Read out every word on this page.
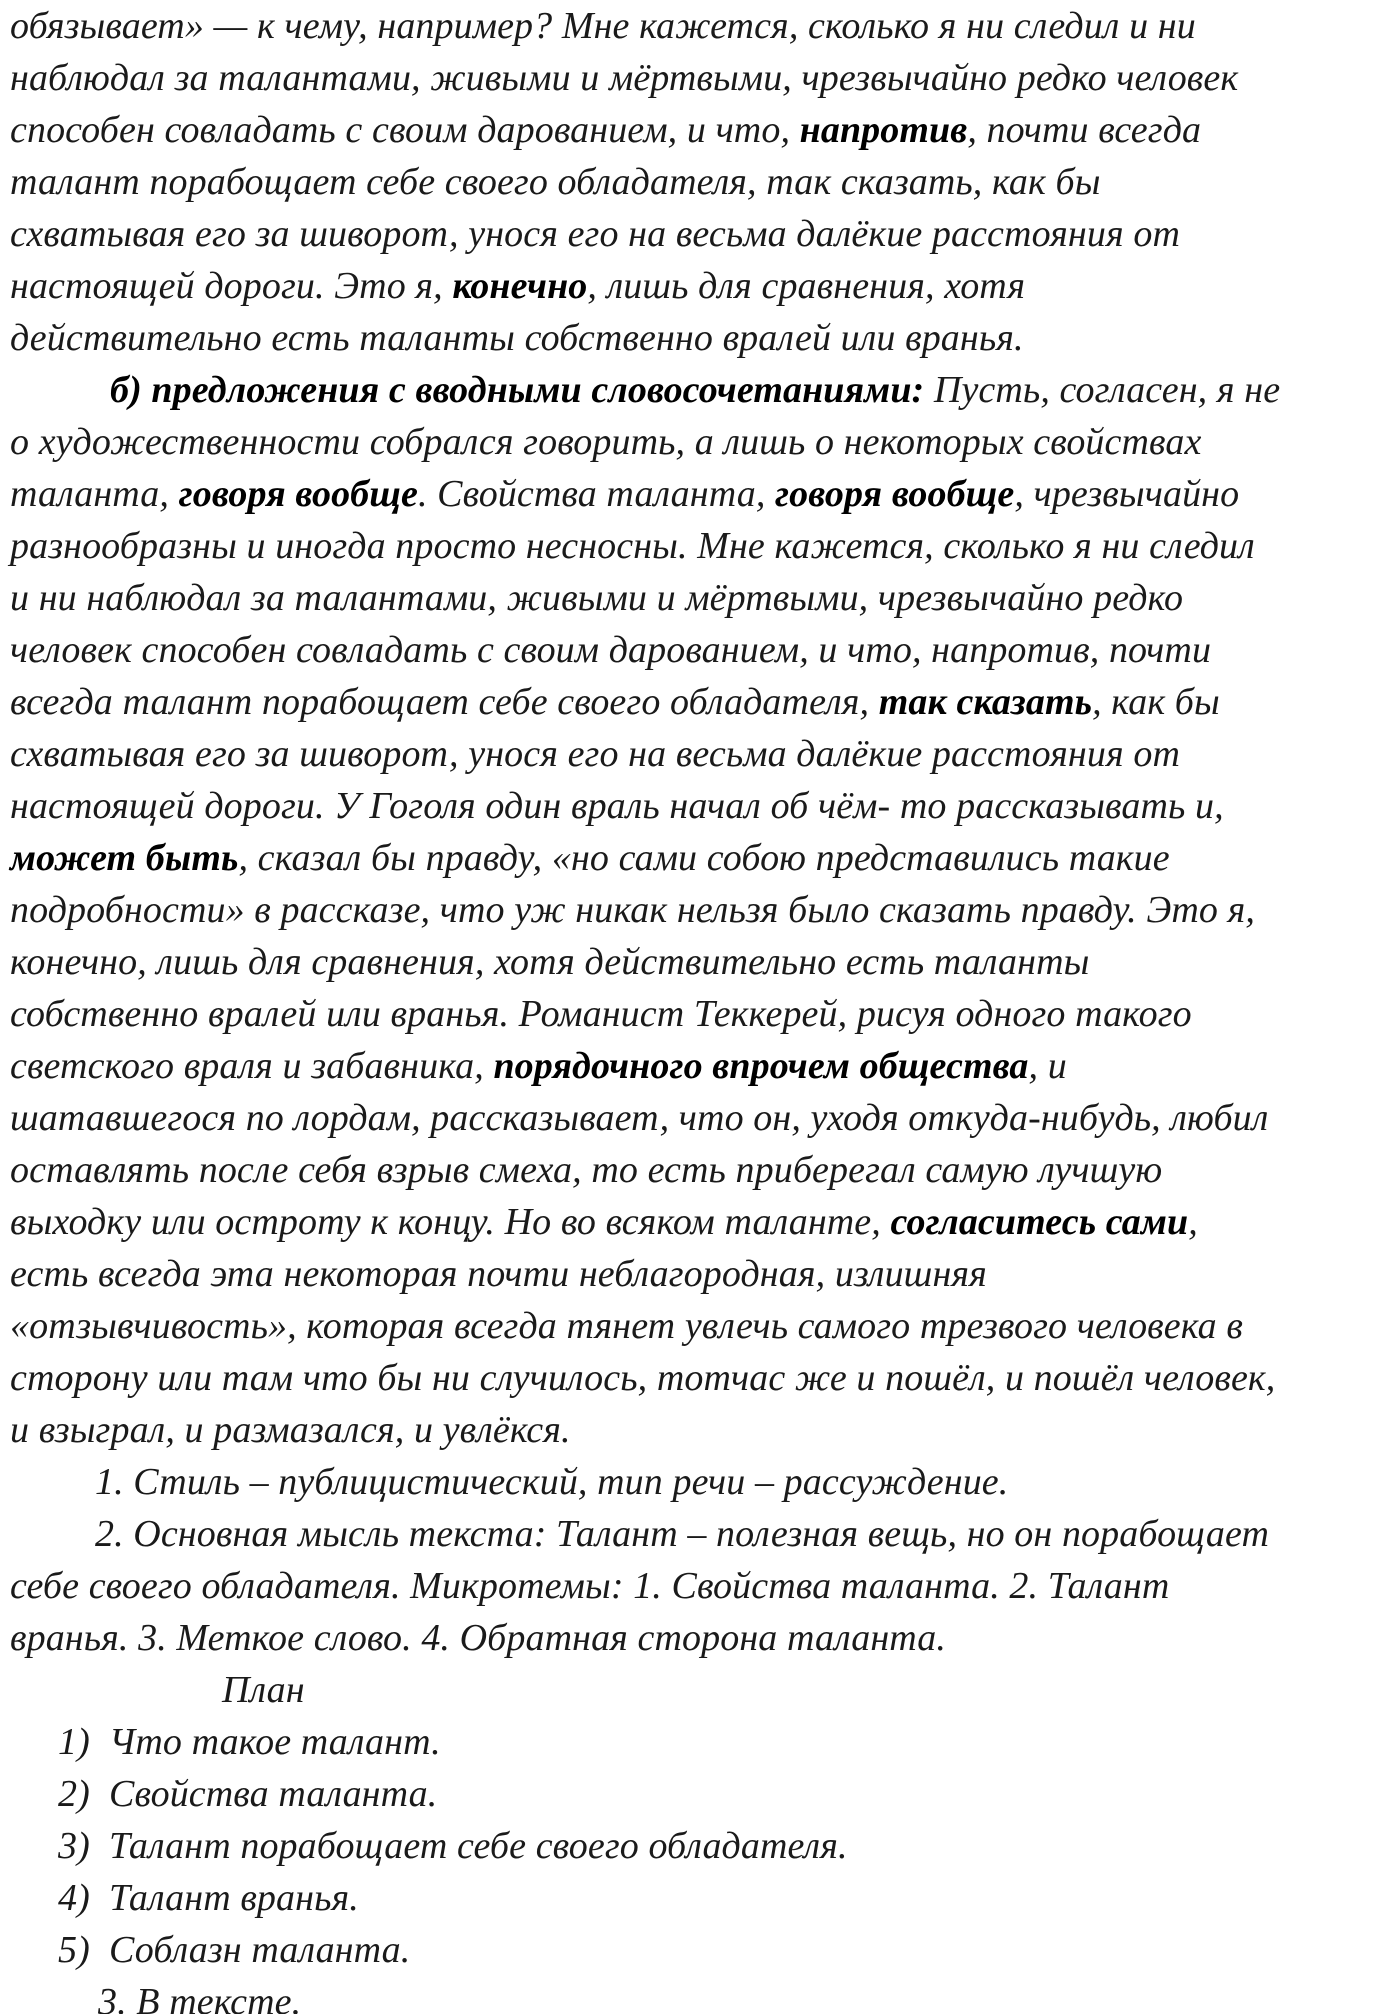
обязывает» — к чему, например? Мне кажется, сколько я ни следил и ни
наблюдал за талантами, живыми и мёртвыми, чрезвычайно редко человек
способен совладать с своим дарованием, и что, напротив, почти всегда
талант порабощает себе своего обладателя, так сказать, как бы
схватывая его за шиворот, унося его на весьма далёкие расстояния от
настоящей дороги. Это я, конечно, лишь для сравнения, хотя
действительно есть таланты собственно вралей или вранья.
б) предложения с вводными словосочетаниями: Пусть, согласен, я не
о художественности собрался говорить, а лишь о некоторых свойствах
таланта, говоря вообще. Свойства таланта, говоря вообще, чрезвычайно
разнообразны и иногда просто несносны. Мне кажется, сколько я ни следил
и ни наблюдал за талантами, живыми и мёртвыми, чрезвычайно редко
человек способен совладать с своим дарованием, и что, напротив, почти
всегда талант порабощает себе своего обладателя, так сказать, как бы
схватывая его за шиворот, унося его на весьма далёкие расстояния от
настоящей дороги. У Гоголя один враль начал об чём- то рассказывать и,
может быть, сказал бы правду, «но сами собою представились такие
подробности» в рассказе, что уж никак нельзя было сказать правду. Это я,
конечно, лишь для сравнения, хотя действительно есть таланты
собственно вралей или вранья. Романист Теккерей, рисуя одного такого
светского враля и забавника, порядочного впрочем общества, и
шатавшегося по лордам, рассказывает, что он, уходя откуда-нибудь, любил
оставлять после себя взрыв смеха, то есть приберегал самую лучшую
выходку или остроту к концу. Но во всяком таланте, согласитесь сами,
есть всегда эта некоторая почти неблагородная, излишняя
«отзывчивость», которая всегда тянет увлечь самого трезвого человека в
сторону или там что бы ни случилось, тотчас же и пошёл, и пошёл человек,
и взыграл, и размазался, и увлёкся.
1. Стиль – публицистический, тип речи – рассуждение.
2. Основная мысль текста: Талант – полезная вещь, но он порабощает
себе своего обладателя. Микротемы: 1. Свойства таланта. 2. Талант
вранья. 3. Меткое слово. 4. Обратная сторона таланта.
План
1)  Что такое талант.
2)  Свойства таланта.
3)  Талант порабощает себе своего обладателя.
4)  Талант вранья.
5)  Соблазн таланта.
3. В тексте.
